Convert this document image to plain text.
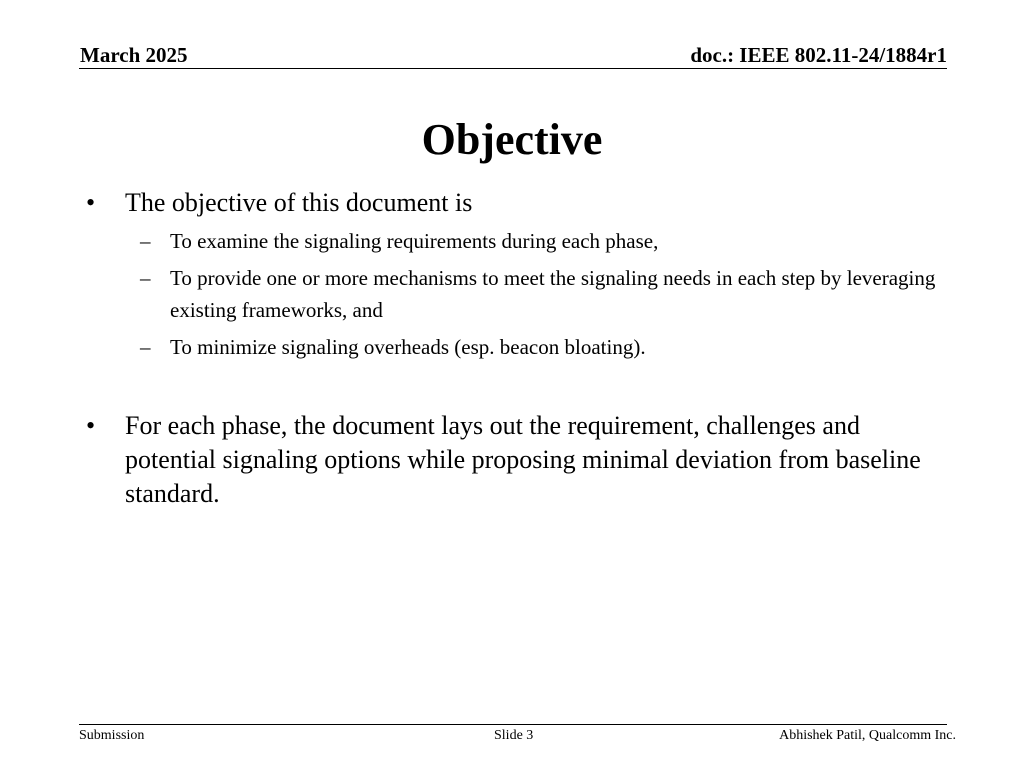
March 2025	doc.: IEEE 802.11-24/1884r1
Objective
• The objective of this document is
– To examine the signaling requirements during each phase,
– To provide one or more mechanisms to meet the signaling needs in each step by leveraging existing frameworks, and
– To minimize signaling overheads (esp. beacon bloating).
• For each phase, the document lays out the requirement, challenges and potential signaling options while proposing minimal deviation from baseline standard.
Submission	Slide 3	Abhishek Patil, Qualcomm Inc.
